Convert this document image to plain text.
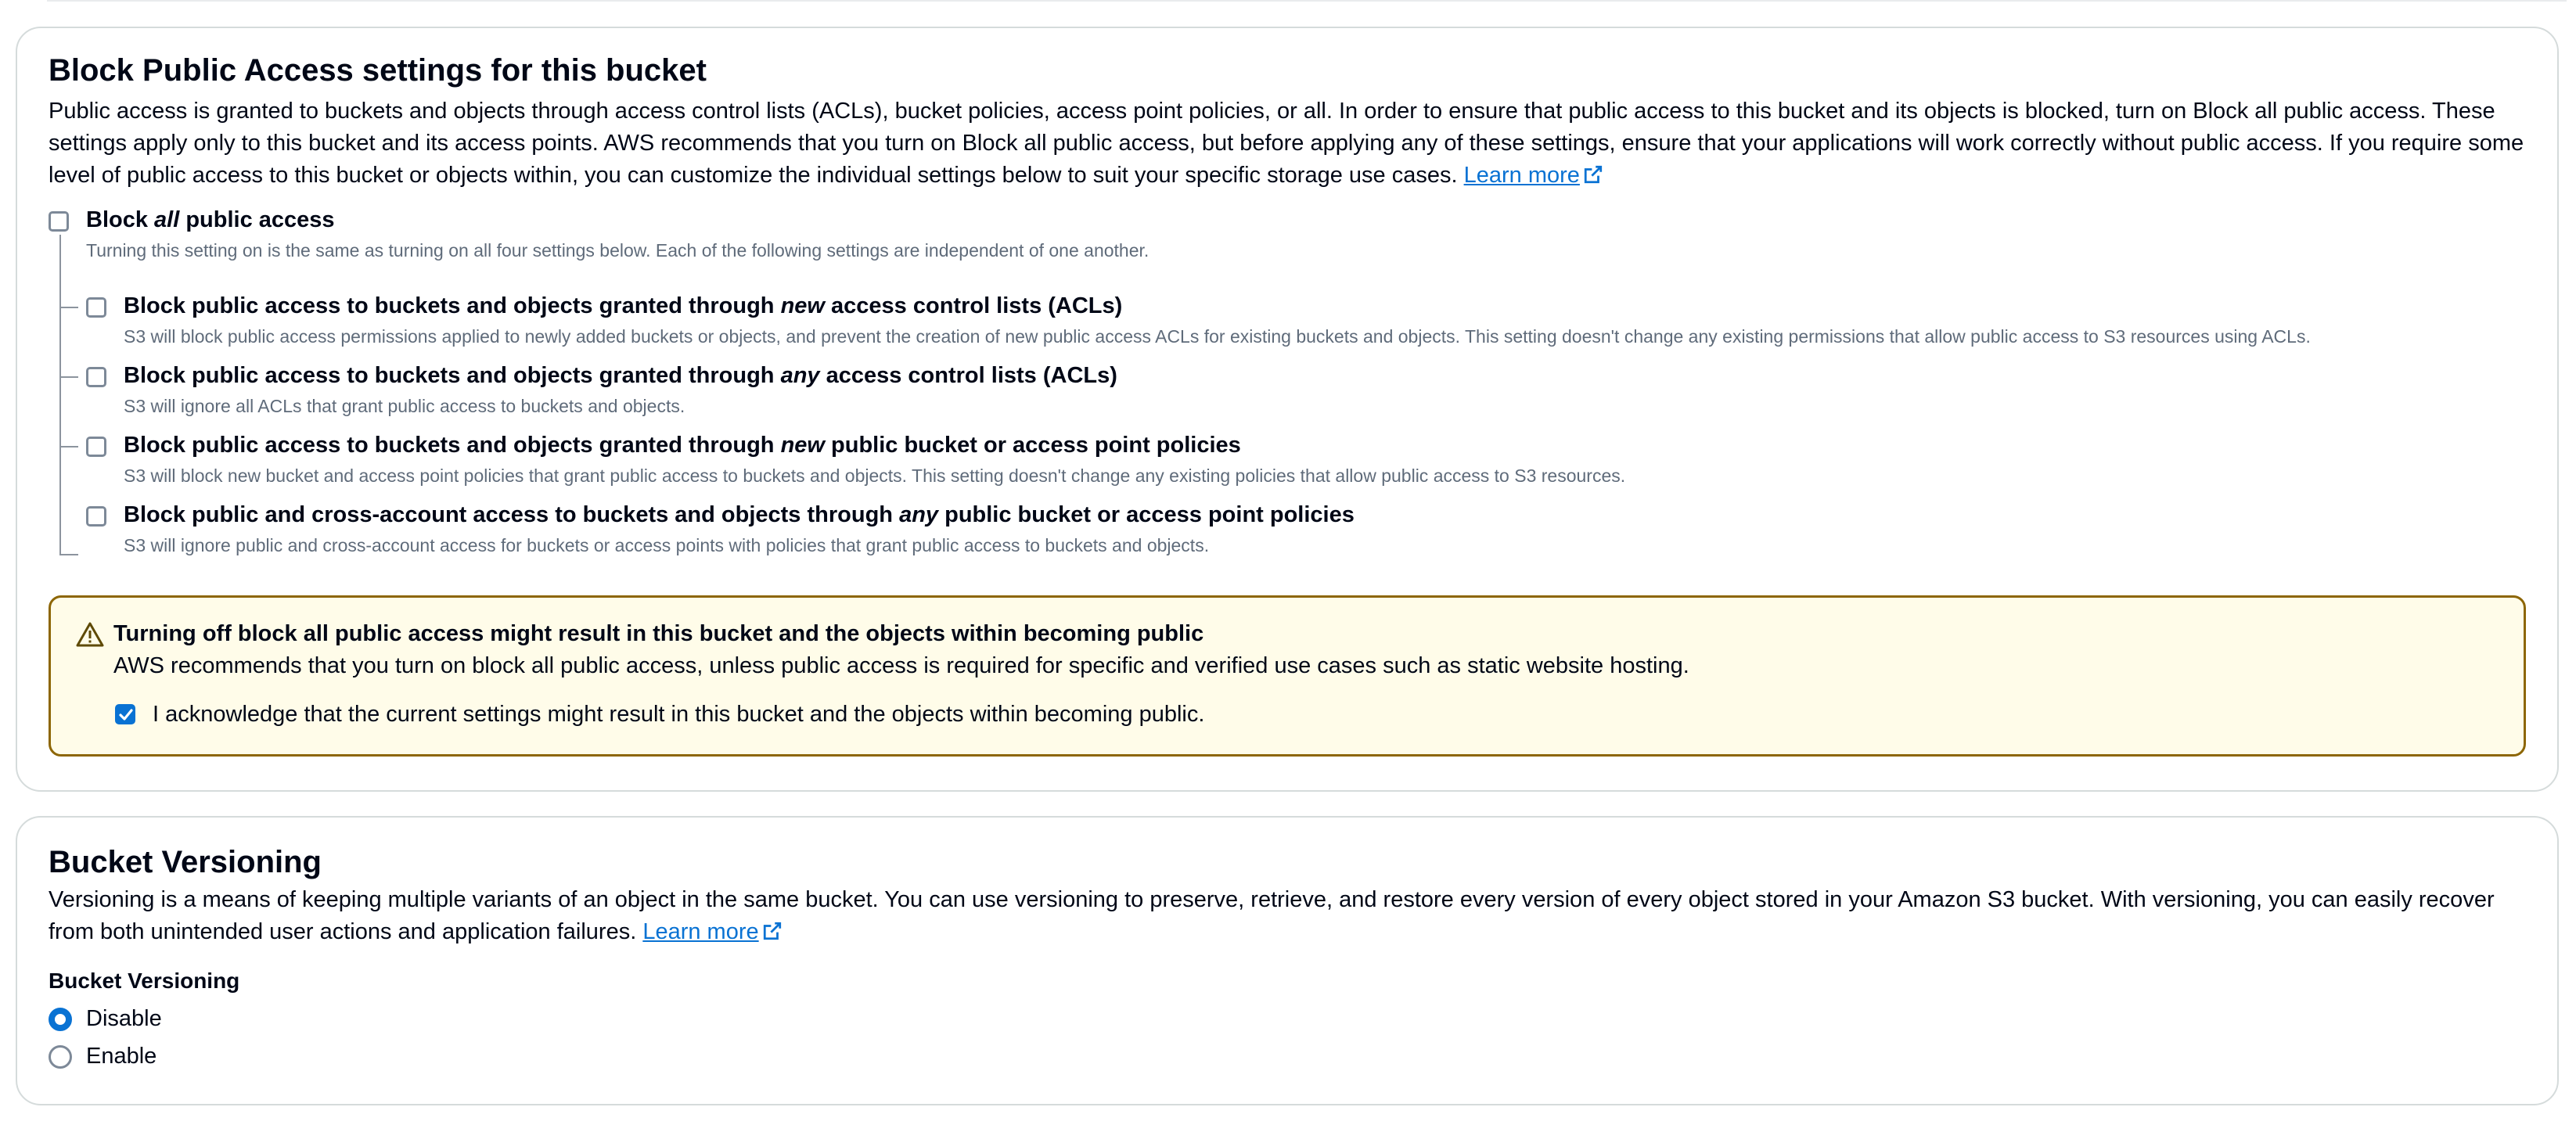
Block Public Access settings for this bucket
Public access is granted to buckets and objects through access control lists (ACLs), bucket policies, access point policies, or all. In order to ensure that public access to this bucket and its objects is blocked, turn on Block all public access. These settings apply only to this bucket and its access points. AWS recommends that you turn on Block all public access, but before applying any of these settings, ensure that your applications will work correctly without public access. If you require some level of public access to this bucket or objects within, you can customize the individual settings below to suit your specific storage use cases. Learn more
Block all public access
Turning this setting on is the same as turning on all four settings below. Each of the following settings are independent of one another.
Block public access to buckets and objects granted through new access control lists (ACLs)
S3 will block public access permissions applied to newly added buckets or objects, and prevent the creation of new public access ACLs for existing buckets and objects. This setting doesn't change any existing permissions that allow public access to S3 resources using ACLs.
Block public access to buckets and objects granted through any access control lists (ACLs)
S3 will ignore all ACLs that grant public access to buckets and objects.
Block public access to buckets and objects granted through new public bucket or access point policies
S3 will block new bucket and access point policies that grant public access to buckets and objects. This setting doesn't change any existing policies that allow public access to S3 resources.
Block public and cross-account access to buckets and objects through any public bucket or access point policies
S3 will ignore public and cross-account access for buckets or access points with policies that grant public access to buckets and objects.
Turning off block all public access might result in this bucket and the objects within becoming public
AWS recommends that you turn on block all public access, unless public access is required for specific and verified use cases such as static website hosting.
I acknowledge that the current settings might result in this bucket and the objects within becoming public.
Bucket Versioning
Versioning is a means of keeping multiple variants of an object in the same bucket. You can use versioning to preserve, retrieve, and restore every version of every object stored in your Amazon S3 bucket. With versioning, you can easily recover from both unintended user actions and application failures. Learn more
Bucket Versioning
Disable
Enable
